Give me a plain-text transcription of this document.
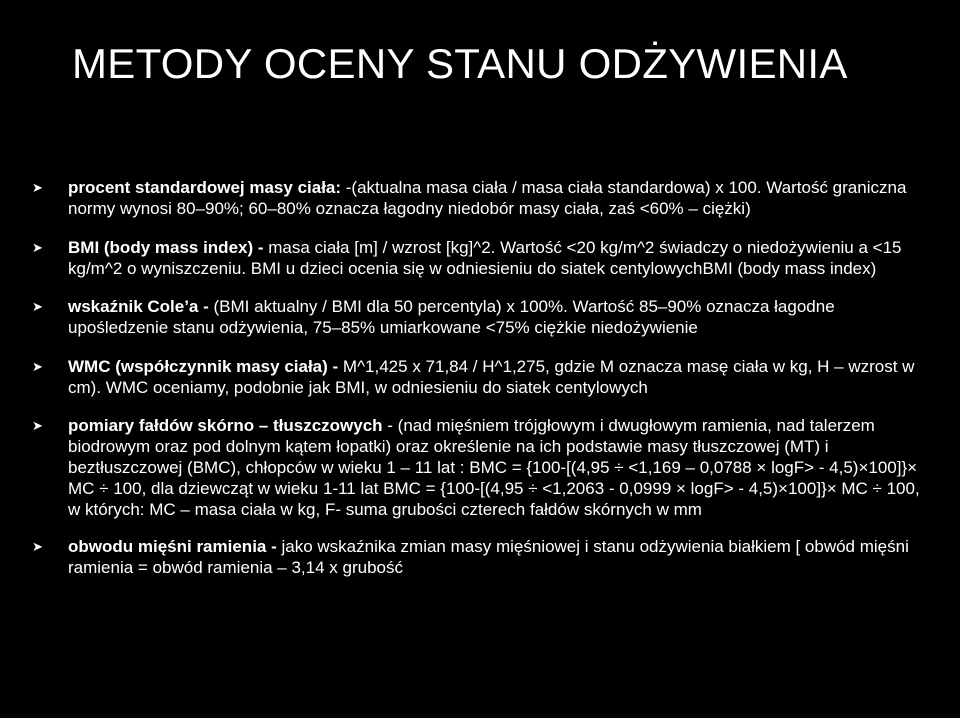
METODY OCENY STANU ODŻYWIENIA
➤	procent standardowej masy ciała: -(aktualna masa ciała / masa ciała standardowa) x 100. Wartość graniczna normy wynosi 80–90%; 60–80% oznacza łagodny niedobór masy ciała, zaś <60% – ciężki)
➤	BMI (body mass index) - masa ciała [m] / wzrost [kg]^2. Wartość <20 kg/m^2 świadczy o niedożywieniu a <15 kg/m^2 o wyniszczeniu. BMI u dzieci ocenia się w odniesieniu do siatek centylowychBMI (body mass index)
➤	wskaźnik Cole’a - (BMI aktualny / BMI dla 50 percentyla) x 100%. Wartość 85–90% oznacza łagodne upośledzenie stanu odżywienia, 75–85% umiarkowane <75% ciężkie niedożywienie
➤	WMC (współczynnik masy ciała) - M^1,425 x 71,84 / H^1,275, gdzie M oznacza masę ciała w kg, H – wzrost w cm). WMC oceniamy, podobnie jak BMI, w odniesieniu do siatek centylowych
➤	pomiary fałdów skórno – tłuszczowych - (nad mięśniem trójgłowym i dwugłowym ramienia, nad talerzem biodrowym oraz pod dolnym kątem łopatki) oraz określenie na ich podstawie masy tłuszczowej (MT) i beztłuszczowej (BMC), chłopców w wieku 1 – 11 lat : BMC = {100-[(4,95 ÷ <1,169 – 0,0788 × logF> - 4,5)×100]}× MC ÷ 100, dla dziewcząt w wieku 1-11 lat BMC = {100-[(4,95 ÷ <1,2063 - 0,0999 × logF> - 4,5)×100]}× MC ÷ 100, w których: MC – masa ciała w kg, F- suma grubości czterech fałdów skórnych w mm
➤	obwodu mięśni ramienia - jako wskaźnika zmian masy mięśniowej i stanu odżywienia białkiem [ obwód mięśni ramienia = obwód ramienia – 3,14 x grubość
